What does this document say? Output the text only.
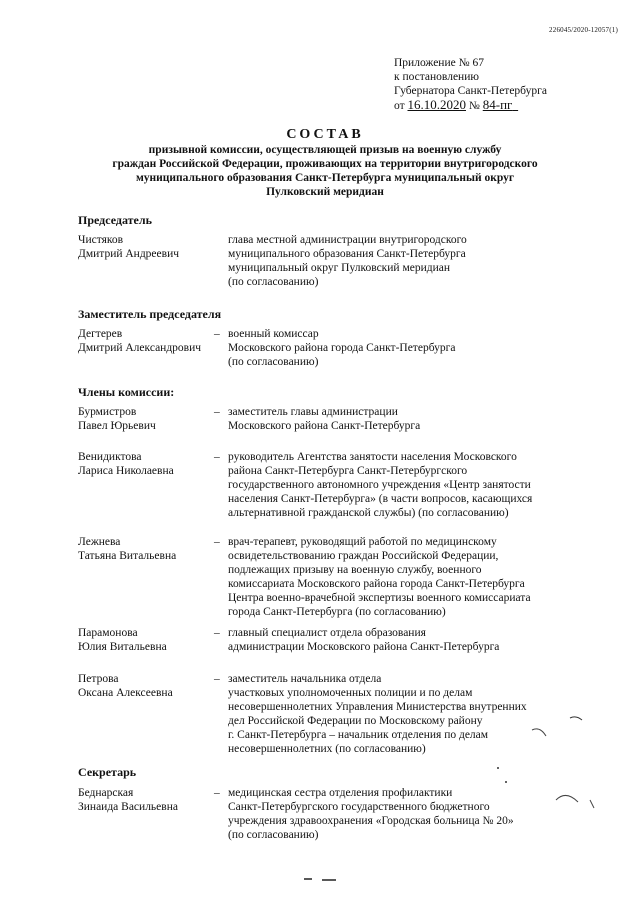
226045/2020-12057(1)
Приложение № 67
к постановлению
Губернатора Санкт-Петербурга
от 16.10.2020 № 84-пг
СОСТАВ
призывной комиссии, осуществляющей призыв на военную службу
граждан Российской Федерации, проживающих на территории внутригородского
муниципального образования Санкт-Петербурга муниципальный округ
Пулковский меридиан
Председатель
Чистяков
Дмитрий Андреевич
глава местной администрации внутригородского
муниципального образования Санкт-Петербурга
муниципальный округ Пулковский меридиан
(по согласованию)
Заместитель председателя
Дегтерев
Дмитрий Александрович
– военный комиссар
Московского района города Санкт-Петербурга
(по согласованию)
Члены комиссии:
Бурмистров
Павел Юрьевич
– заместитель главы администрации
Московского района Санкт-Петербурга
Венидиктова
Лариса Николаевна
– руководитель Агентства занятости населения Московского
района Санкт-Петербурга Санкт-Петербургского
государственного автономного учреждения «Центр занятости
населения Санкт-Петербурга» (в части вопросов, касающихся
альтернативной гражданской службы) (по согласованию)
Лежнева
Татьяна Витальевна
– врач-терапевт, руководящий работой по медицинскому
освидетельствованию граждан Российской Федерации,
подлежащих призыву на военную службу, военного
комиссариата Московского района города Санкт-Петербурга
Центра военно-врачебной экспертизы военного комиссариата
города Санкт-Петербурга (по согласованию)
Парамонова
Юлия Витальевна
– главный специалист отдела образования
администрации Московского района Санкт-Петербурга
Петрова
Оксана Алексеевна
– заместитель начальника отдела
участковых уполномоченных полиции и по делам
несовершеннолетних Управления Министерства внутренних
дел Российской Федерации по Московскому району
г. Санкт-Петербурга – начальник отделения по делам
несовершеннолетних (по согласованию)
Секретарь
Беднарская
Зинаида Васильевна
– медицинская сестра отделения профилактики
Санкт-Петербургского государственного бюджетного
учреждения здравоохранения «Городская больница № 20»
(по согласованию)
